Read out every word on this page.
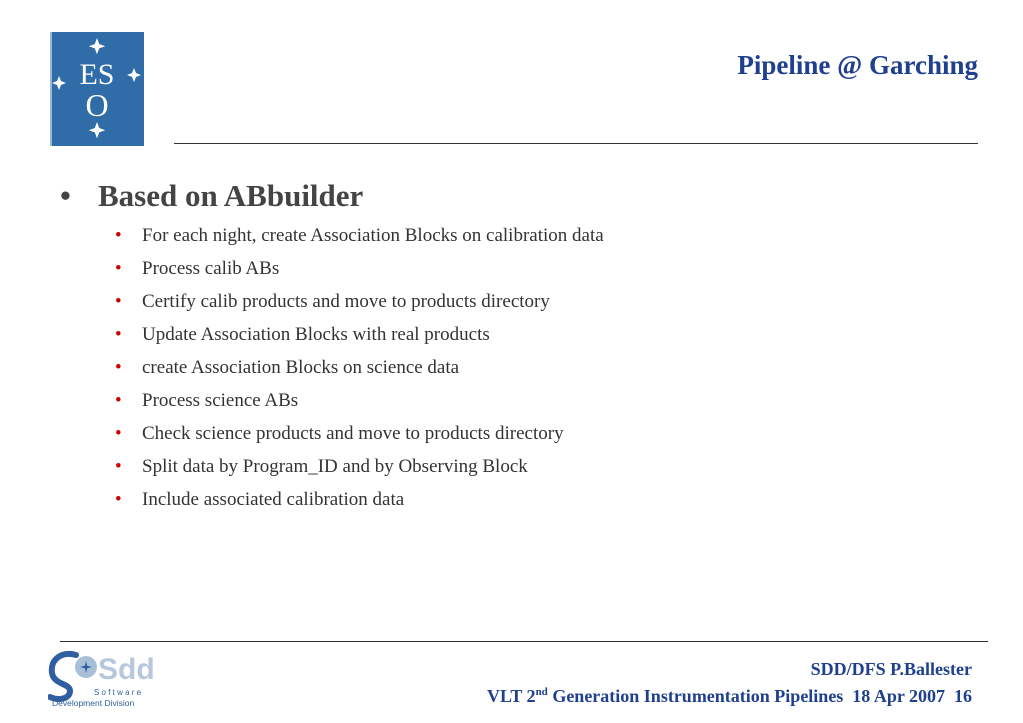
ES
O
Pipeline @ Garching
• Based on ABbuilder
• For each night, create Association Blocks on calibration data
• Process calib ABs
• Certify calib products and move to products directory
• Update Association Blocks with real products
• create Association Blocks on science data
• Process science ABs
• Check science products and move to products directory
• Split data by Program_ID and by Observing Block
• Include associated calibration data
Sdd
S o f t w a r e
Development Division
SDD/DFS P.Ballester
VLT 2nd Generation Instrumentation Pipelines  18 Apr 2007  16
